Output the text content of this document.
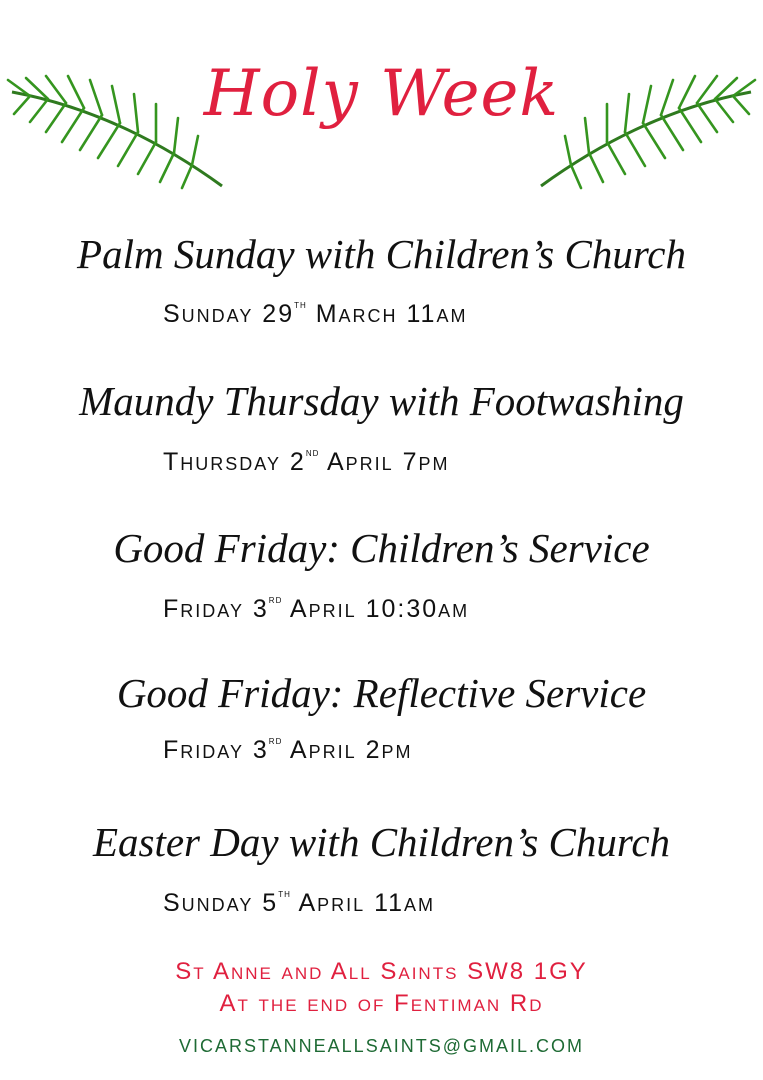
Holy Week
Palm Sunday with Children’s Church
Sunday 29th March 11am
Maundy Thursday with Footwashing
Thursday 2nd April 7pm
Good Friday: Children’s Service
Friday 3rd April 10:30am
Good Friday: Reflective Service
Friday 3rd April 2pm
Easter Day with Children’s Church
Sunday 5th April 11am
St Anne and All Saints SW8 1GY
At the end of Fentiman Rd
VICARSTANNEALLSAINTS@GMAIL.COM
